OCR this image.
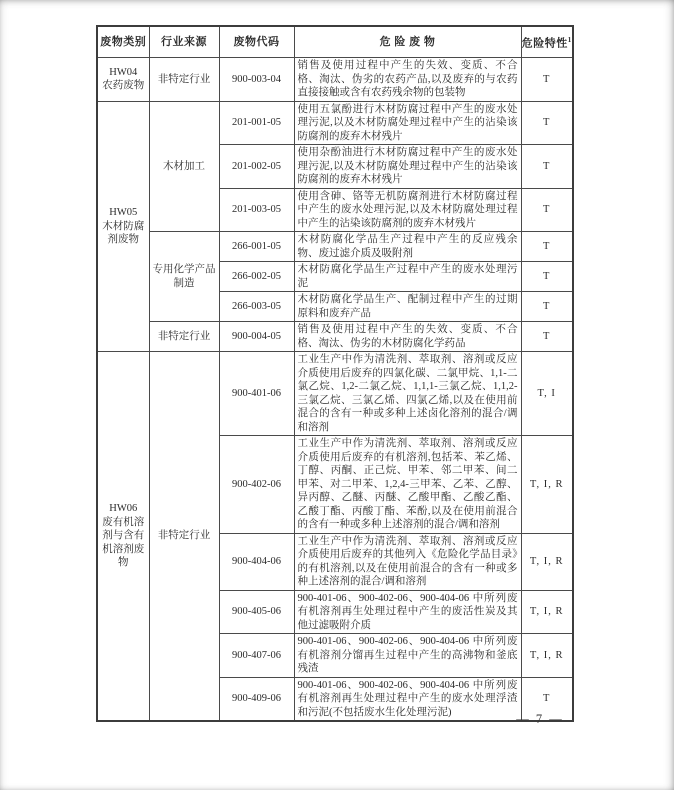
废物类别	行业来源	废物代码	危 险 废 物	危险特性$^1$

HW04
农药废物	非特定行业	900-003-04	销售及使用过程中产生的失效、变质、不合格、淘汰、伪劣的农药产品,以及废弃的与农药直接接触或含有农药残余物的包装物	T

HW05
木材防腐剂废物	木材加工	201-001-05	使用五氯酚进行木材防腐过程中产生的废水处理污泥,以及木材防腐处理过程中产生的沾染该防腐剂的废弃木材残片	T
		201-002-05	使用杂酚油进行木材防腐过程中产生的废水处理污泥,以及木材防腐处理过程中产生的沾染该防腐剂的废弃木材残片	T
		201-003-05	使用含砷、铬等无机防腐剂进行木材防腐过程中产生的废水处理污泥,以及木材防腐处理过程中产生的沾染该防腐剂的废弃木材残片	T
	专用化学产品制造	266-001-05	木材防腐化学品生产过程中产生的反应残余物、废过滤介质及吸附剂	T
		266-002-05	木材防腐化学品生产过程中产生的废水处理污泥	T
		266-003-05	木材防腐化学品生产、配制过程中产生的过期原料和废弃产品	T
	非特定行业	900-004-05	销售及使用过程中产生的失效、变质、不合格、淘汰、伪劣的木材防腐化学药品	T

HW06
废有机溶剂与含有机溶剂废物	非特定行业	900-401-06	工业生产中作为清洗剂、萃取剂、溶剂或反应介质使用后废弃的四氯化碳、二氯甲烷、1,1-二氯乙烷、1,2-二氯乙烷、1,1,1-三氯乙烷、1,1,2-三氯乙烷、三氯乙烯、四氯乙烯,以及在使用前混合的含有一种或多种上述卤化溶剂的混合/调和溶剂	T, I
		900-402-06	工业生产中作为清洗剂、萃取剂、溶剂或反应介质使用后废弃的有机溶剂,包括苯、苯乙烯、丁醇、丙酮、正己烷、甲苯、邻二甲苯、间二甲苯、对二甲苯、1,2,4-三甲苯、乙苯、乙醇、异丙醇、乙醚、丙醚、乙酸甲酯、乙酸乙酯、乙酸丁酯、丙酸丁酯、苯酚,以及在使用前混合的含有一种或多种上述溶剂的混合/调和溶剂	T, I, R
		900-404-06	工业生产中作为清洗剂、萃取剂、溶剂或反应介质使用后废弃的其他列入《危险化学品目录》的有机溶剂,以及在使用前混合的含有一种或多种上述溶剂的混合/调和溶剂	T, I, R
		900-405-06	900-401-06、900-402-06、900-404-06 中所列废有机溶剂再生处理过程中产生的废活性炭及其他过滤吸附介质	T, I, R
		900-407-06	900-401-06、900-402-06、900-404-06 中所列废有机溶剂分馏再生过程中产生的高沸物和釜底残渣	T, I, R
		900-409-06	900-401-06、900-402-06、900-404-06 中所列废有机溶剂再生处理过程中产生的废水处理浮渣和污泥(不包括废水生化处理污泥)	T
— 7 —
